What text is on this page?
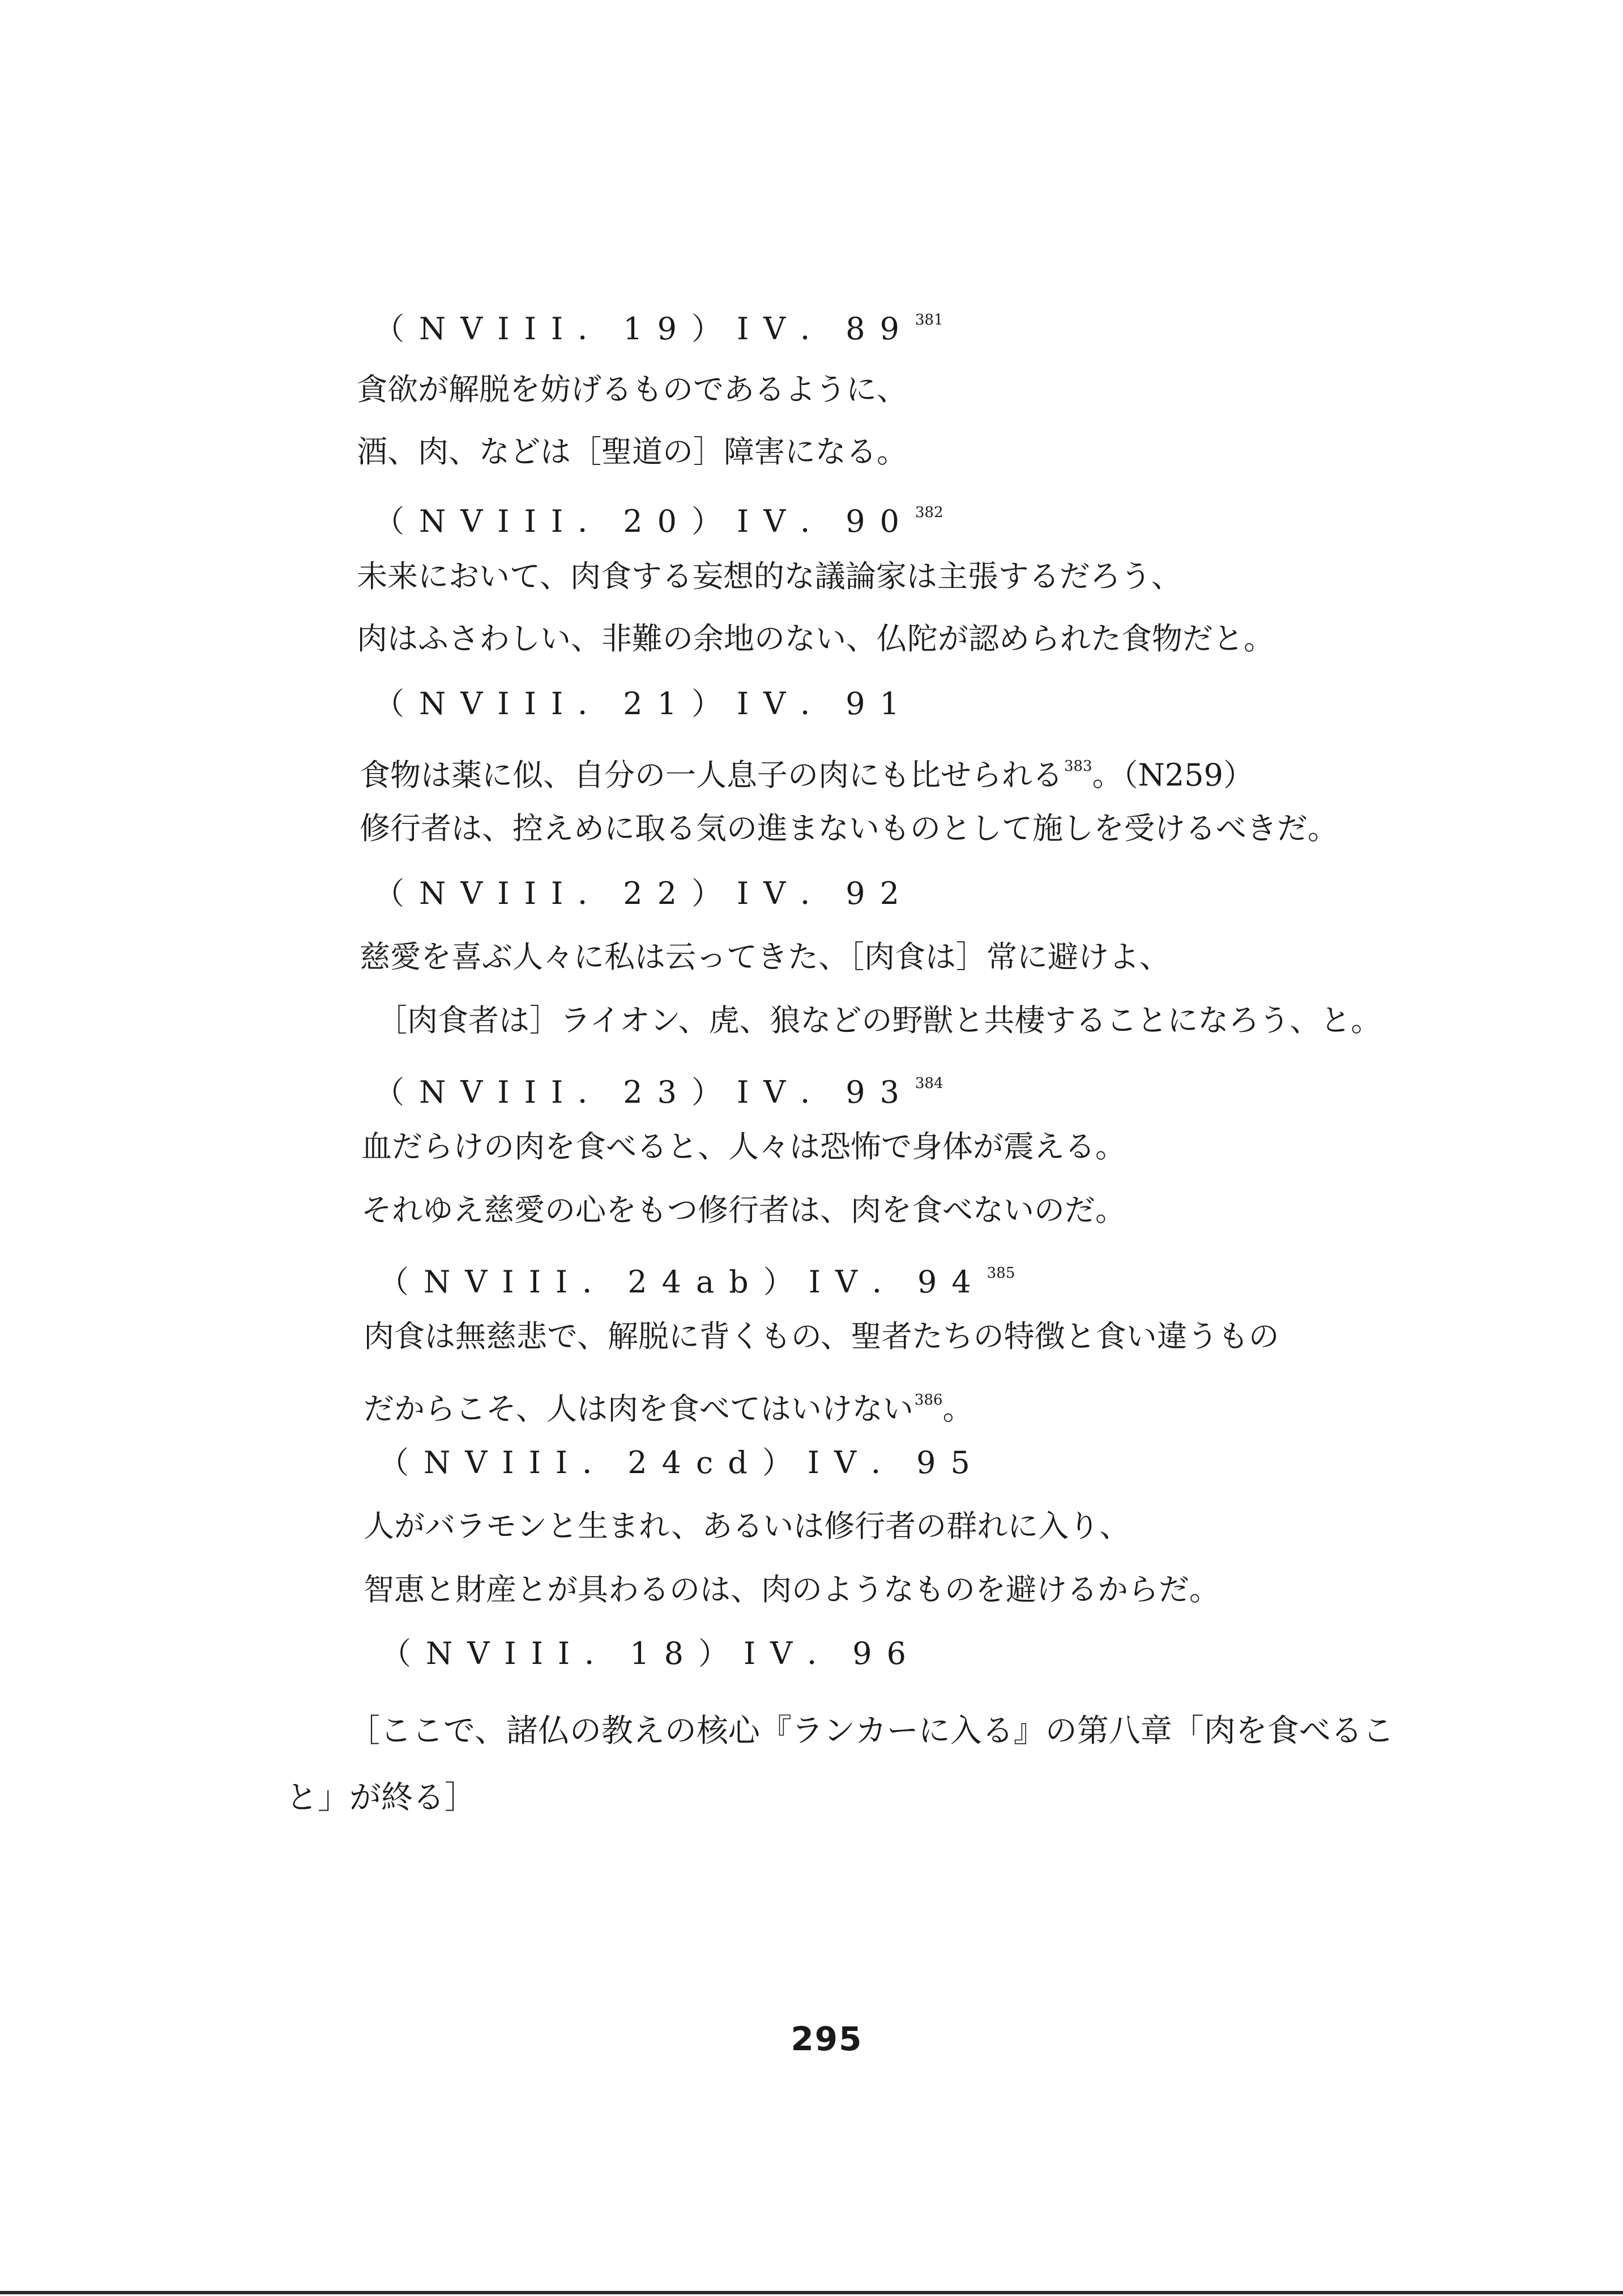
（NVIII．19）IV．$89^{381}$
貪欲が解脱を妨げるものであるように、
酒、肉、などは［聖道の］障害になる。
（NVIII．20）IV．$90^{382}$
未来において、肉食する妄想的な議論家は主張するだろう、
肉はふさわしい、非難の余地のない、仏陀が認められた食物だと。
（NVIII．21）IV．91
食物は薬に似、自分の一人息子の肉にも比せられる$^{383}$。（N259）
修行者は、控えめに取る気の進まないものとして施しを受けるべきだ。
（NVIII．22）IV．92
慈愛を喜ぶ人々に私は云ってきた、［肉食は］常に避けよ、
［肉食者は］ライオン、虎、狼などの野獣と共棲することになろう、と。
（NVIII．23）IV．$93^{384}$
血だらけの肉を食べると、人々は恐怖で身体が震える。
それゆえ慈愛の心をもつ修行者は、肉を食べないのだ。
（NVIII．24ab）IV．$94^{385}$
肉食は無慈悲で、解脱に背くもの、聖者たちの特徴と食い違うもの
だからこそ、人は肉を食べてはいけない$^{386}$。
（NVIII．24cd）IV．95
人がバラモンと生まれ、あるいは修行者の群れに入り、
智恵と財産とが具わるのは、肉のようなものを避けるからだ。
（NVIII．18）IV．96
［ここで、諸仏の教えの核心『ランカーに入る』の第八章「肉を食べるこ
と」が終る］
295
